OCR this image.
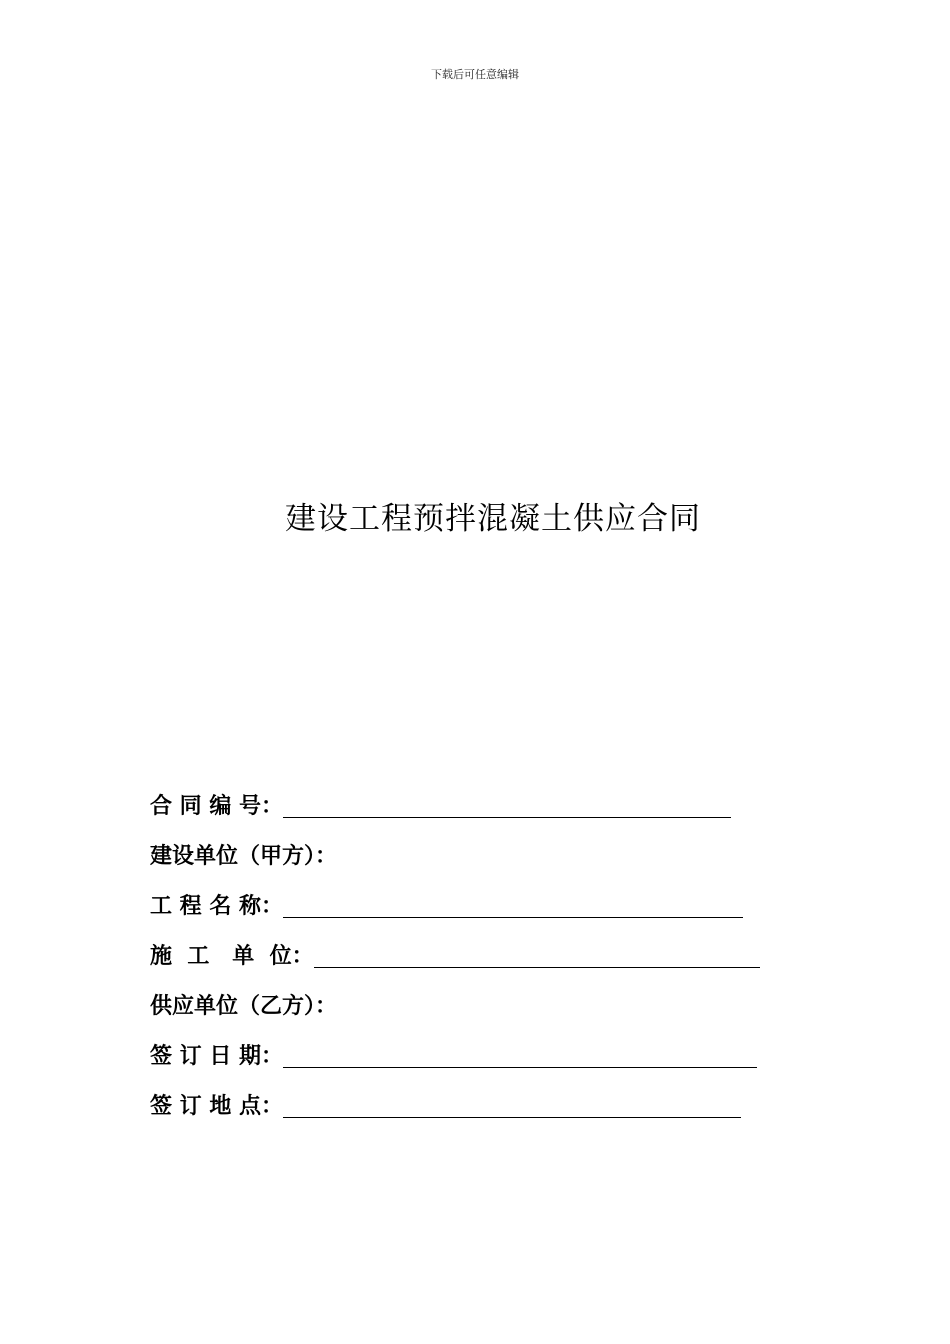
下载后可任意编辑
建设工程预拌混凝土供应合同
合 同 编 号：
建设单位（甲方）：
工 程 名 称：
施  工   单  位：
供应单位（乙方）：
签 订 日 期：
签 订 地 点：
